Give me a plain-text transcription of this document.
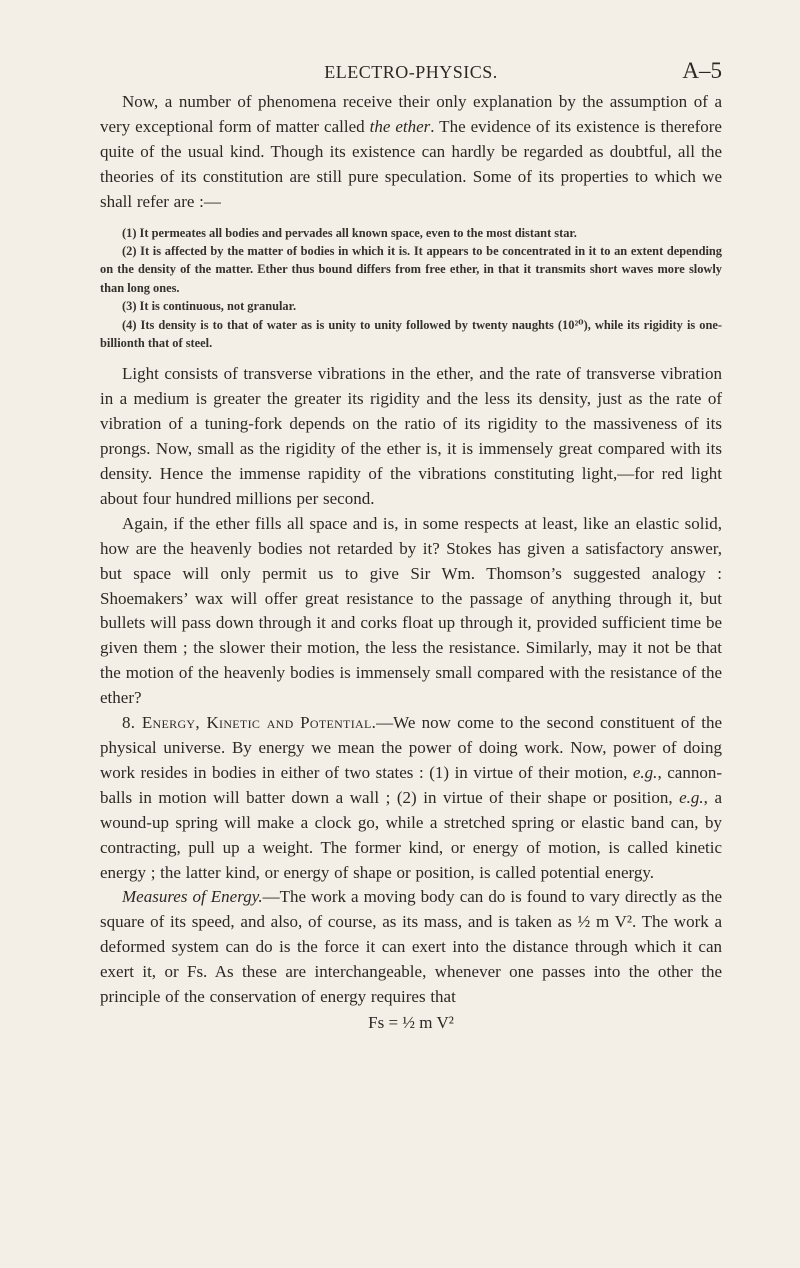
ELECTRO-PHYSICS.	A–5

Now, a number of phenomena receive their only explanation by the assumption of a very exceptional form of matter called the ether. The evidence of its existence is therefore quite of the usual kind. Though its existence can hardly be regarded as doubtful, all the theories of its constitution are still pure speculation. Some of its properties to which we shall refer are :—

(1) It permeates all bodies and pervades all known space, even to the most distant star.
(2) It is affected by the matter of bodies in which it is. It appears to be concentrated in it to an extent depending on the density of the matter. Ether thus bound differs from free ether, in that it transmits short waves more slowly than long ones.
(3) It is continuous, not granular.
(4) Its density is to that of water as is unity to unity followed by twenty naughts (10²⁰), while its rigidity is one-billionth that of steel.

Light consists of transverse vibrations in the ether, and the rate of transverse vibration in a medium is greater the greater its rigidity and the less its density, just as the rate of vibration of a tuning-fork depends on the ratio of its rigidity to the massiveness of its prongs. Now, small as the rigidity of the ether is, it is immensely great compared with its density. Hence the immense rapidity of the vibrations constituting light,—for red light about four hundred millions per second.

Again, if the ether fills all space and is, in some respects at least, like an elastic solid, how are the heavenly bodies not retarded by it? Stokes has given a satisfactory answer, but space will only permit us to give Sir Wm. Thomson’s suggested analogy : Shoemakers’ wax will offer great resistance to the passage of anything through it, but bullets will pass down through it and corks float up through it, provided sufficient time be given them ; the slower their motion, the less the resistance. Similarly, may it not be that the motion of the heavenly bodies is immensely small compared with the resistance of the ether?

8. Energy, Kinetic and Potential.—We now come to the second constituent of the physical universe. By energy we mean the power of doing work. Now, power of doing work resides in bodies in either of two states : (1) in virtue of their motion, e.g., cannon-balls in motion will batter down a wall ; (2) in virtue of their shape or position, e.g., a wound-up spring will make a clock go, while a stretched spring or elastic band can, by contracting, pull up a weight. The former kind, or energy of motion, is called kinetic energy ; the latter kind, or energy of shape or position, is called potential energy.

Measures of Energy.—The work a moving body can do is found to vary directly as the square of its speed, and also, of course, as its mass, and is taken as ½ m V². The work a deformed system can do is the force it can exert into the distance through which it can exert it, or Fs. As these are interchangeable, whenever one passes into the other the principle of the conservation of energy requires that

Fs = ½ m V²
